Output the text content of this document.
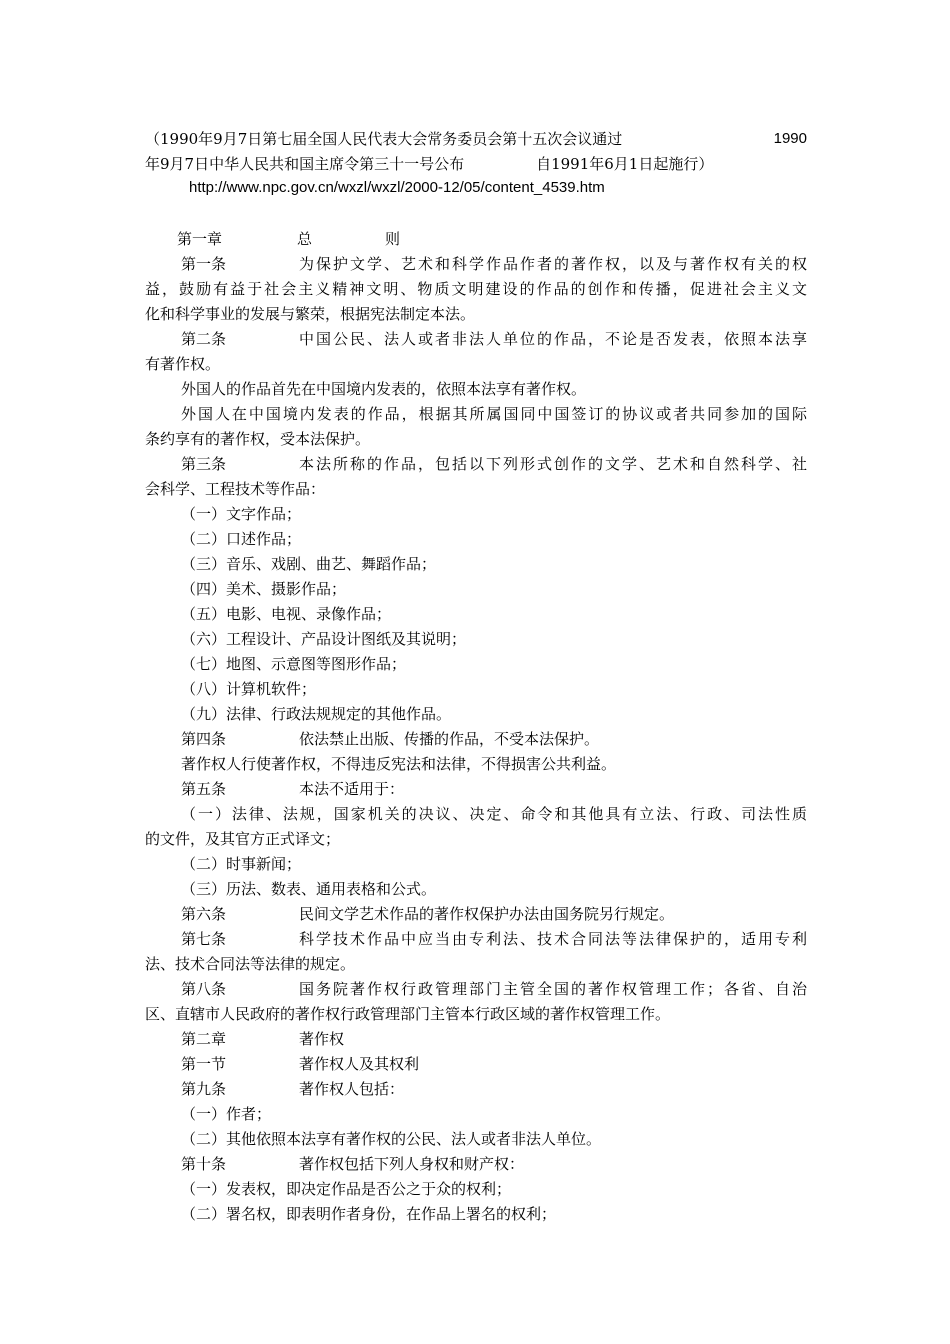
（1990年9月7日第七届全国人民代表大会常务委员会第十五次会议通过	1990
年9月7日中华人民共和国主席令第三十一号公布	自1991年6月1日起施行）
http://www.npc.gov.cn/wxzl/wxzl/2000-12/05/content_4539.htm
第一章	总	则
第一条	为保护文学、艺术和科学作品作者的著作权，以及与著作权有关的权
益，鼓励有益于社会主义精神文明、物质文明建设的作品的创作和传播，促进社会主义文
化和科学事业的发展与繁荣，根据宪法制定本法。
第二条	中国公民、法人或者非法人单位的作品，不论是否发表，依照本法享
有著作权。
外国人的作品首先在中国境内发表的，依照本法享有著作权。
外国人在中国境内发表的作品，根据其所属国同中国签订的协议或者共同参加的国际
条约享有的著作权，受本法保护。
第三条	本法所称的作品，包括以下列形式创作的文学、艺术和自然科学、社
会科学、工程技术等作品：
（一）文字作品；
（二）口述作品；
（三）音乐、戏剧、曲艺、舞蹈作品；
（四）美术、摄影作品；
（五）电影、电视、录像作品；
（六）工程设计、产品设计图纸及其说明；
（七）地图、示意图等图形作品；
（八）计算机软件；
（九）法律、行政法规规定的其他作品。
第四条	依法禁止出版、传播的作品，不受本法保护。
著作权人行使著作权，不得违反宪法和法律，不得损害公共利益。
第五条	本法不适用于：
（一）法律、法规，国家机关的决议、决定、命令和其他具有立法、行政、司法性质
的文件，及其官方正式译文；
（二）时事新闻；
（三）历法、数表、通用表格和公式。
第六条	民间文学艺术作品的著作权保护办法由国务院另行规定。
第七条	科学技术作品中应当由专利法、技术合同法等法律保护的，适用专利
法、技术合同法等法律的规定。
第八条	国务院著作权行政管理部门主管全国的著作权管理工作；各省、自治
区、直辖市人民政府的著作权行政管理部门主管本行政区域的著作权管理工作。
第二章	著作权
第一节	著作权人及其权利
第九条	著作权人包括：
（一）作者；
（二）其他依照本法享有著作权的公民、法人或者非法人单位。
第十条	著作权包括下列人身权和财产权：
（一）发表权，即决定作品是否公之于众的权利；
（二）署名权，即表明作者身份，在作品上署名的权利；
